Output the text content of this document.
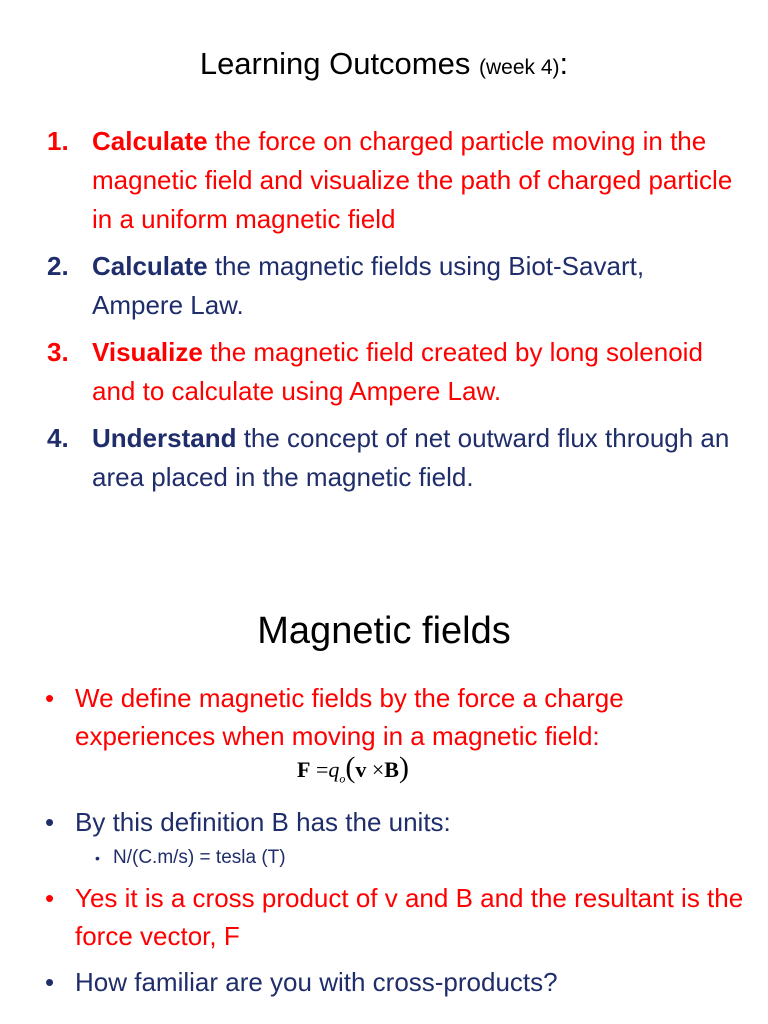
Learning Outcomes (week 4):
1. Calculate the force on charged particle moving in the magnetic field and visualize the path of charged particle in a uniform magnetic field
2. Calculate the magnetic fields using Biot-Savart, Ampere Law.
3. Visualize the magnetic field created by long solenoid and to calculate using Ampere Law.
4. Understand the concept of net outward flux through an area placed in the magnetic field.
Magnetic fields
• We define magnetic fields by the force a charge experiences when moving in a magnetic field:
$F =q_o(v \times B)$
• By this definition B has the units:
• N/(C.m/s) = tesla (T)
• Yes it is a cross product of v and B and the resultant is the force vector, F
• How familiar are you with cross-products?
